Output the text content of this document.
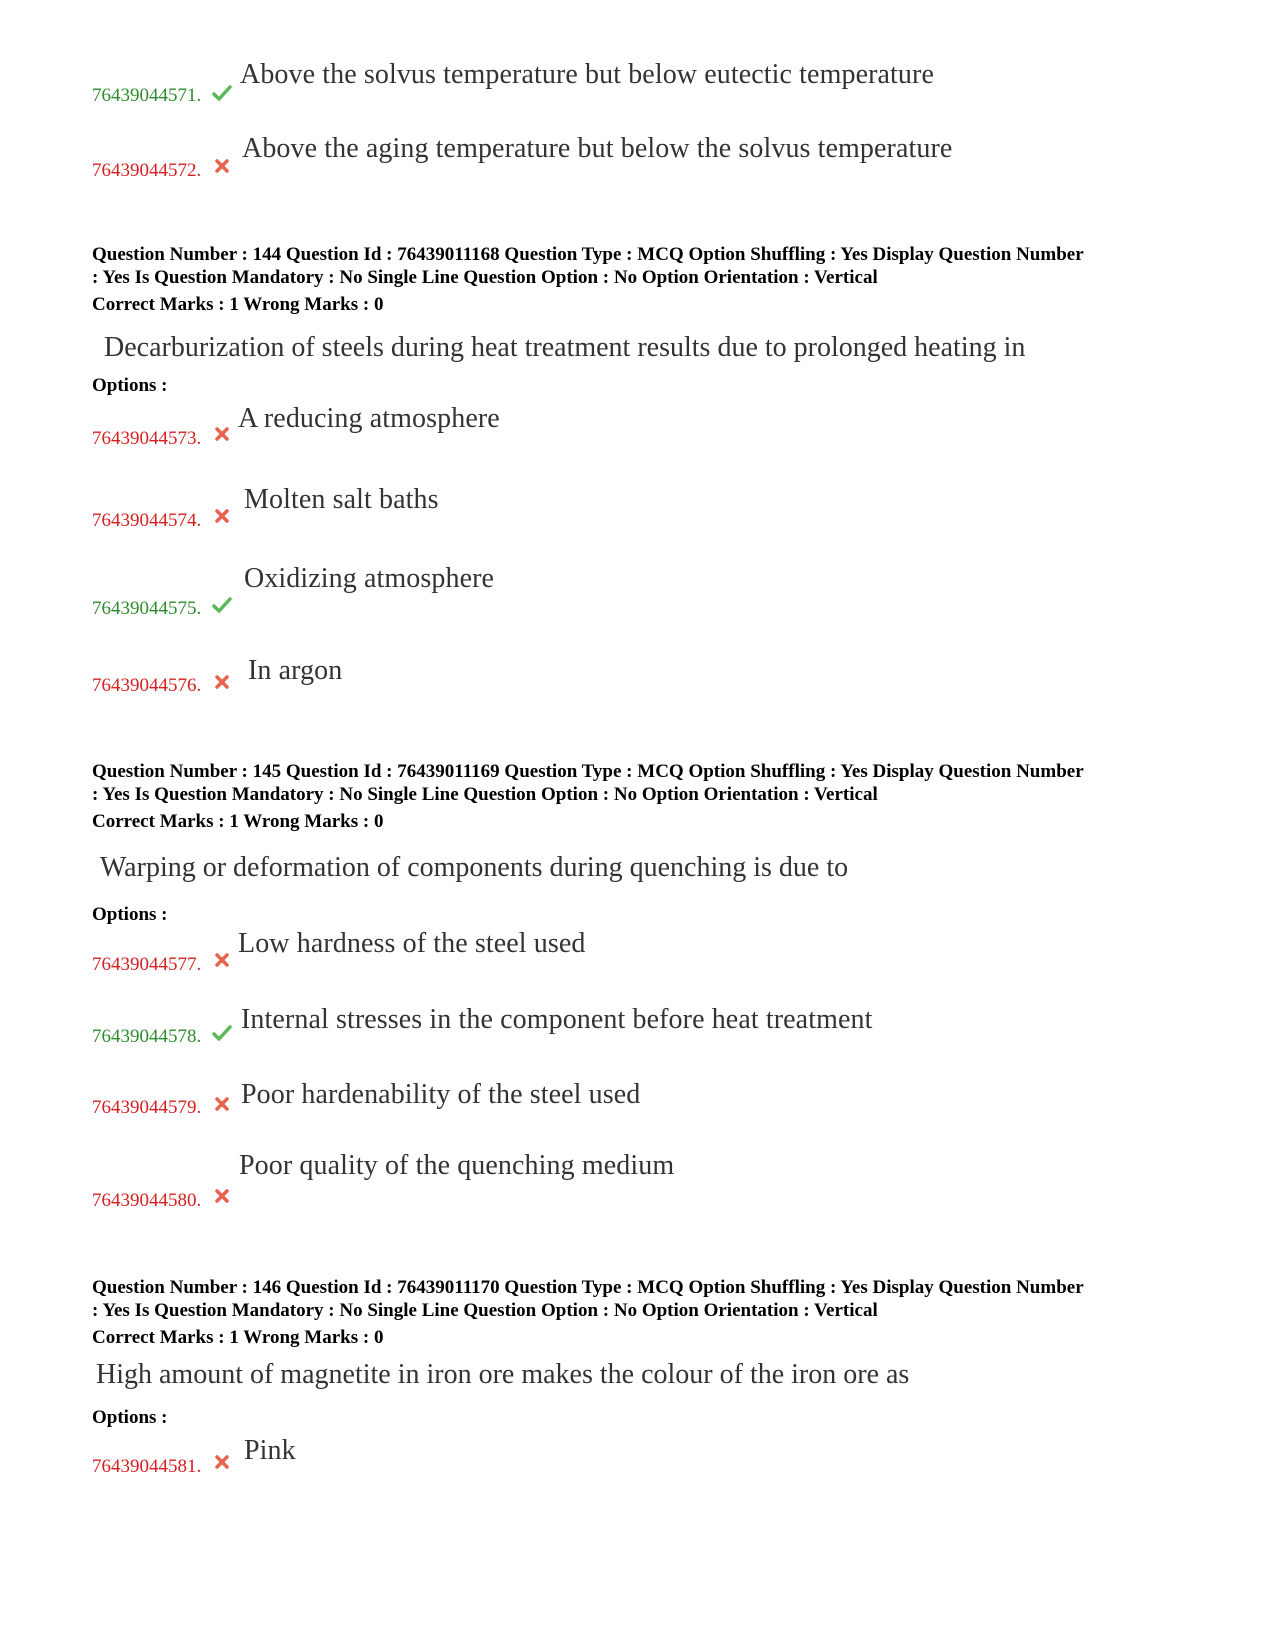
76439044571.
Above the solvus temperature but below eutectic temperature
76439044572.
Above the aging temperature but below the solvus temperature
Question Number : 144 Question Id : 76439011168 Question Type : MCQ Option Shuffling : Yes Display Question Number
: Yes Is Question Mandatory : No Single Line Question Option : No Option Orientation : Vertical
Correct Marks : 1 Wrong Marks : 0
Decarburization of steels during heat treatment results due to prolonged heating in
Options :
76439044573.
A reducing atmosphere
76439044574.
Molten salt baths
76439044575.
Oxidizing atmosphere
76439044576. In argon
Question Number : 145 Question Id : 76439011169 Question Type : MCQ Option Shuffling : Yes Display Question Number
: Yes Is Question Mandatory : No Single Line Question Option : No Option Orientation : Vertical
Correct Marks : 1 Wrong Marks : 0
Warping or deformation of components during quenching is due to
Options :
76439044577.
Low hardness of the steel used
76439044578.
Internal stresses in the component before heat treatment
76439044579. Poor hardenability of the steel used
76439044580.
Poor quality of the quenching medium
Question Number : 146 Question Id : 76439011170 Question Type : MCQ Option Shuffling : Yes Display Question Number
: Yes Is Question Mandatory : No Single Line Question Option : No Option Orientation : Vertical
Correct Marks : 1 Wrong Marks : 0
High amount of magnetite in iron ore makes the colour of the iron ore as
Options :
76439044581.
Pink
